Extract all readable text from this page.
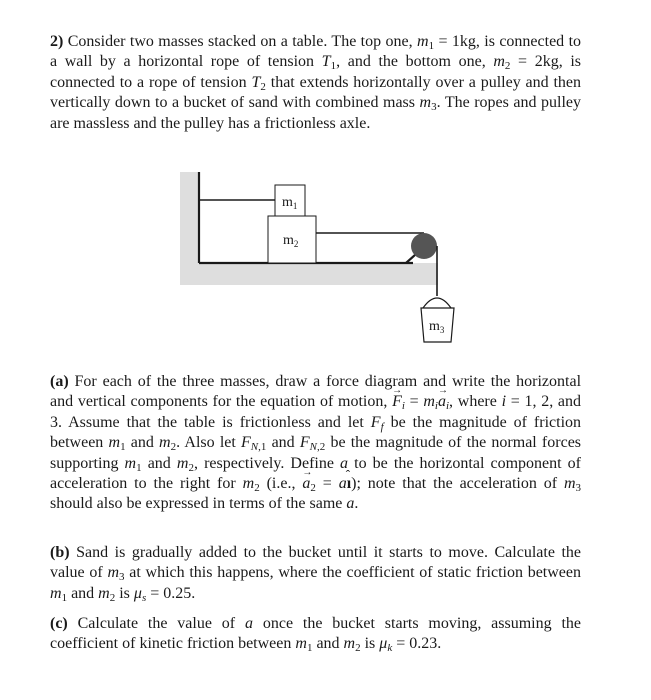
2) Consider two masses stacked on a table. The top one, $m_1 = 1kg$, is connected to a wall by a horizontal rope of tension $T_1$, and the bottom one, $m_2 = 2kg$, is connected to a rope of tension $T_2$ that extends horizontally over a pulley and then vertically down to a bucket of sand with combined mass $m_3$. The ropes and pulley are massless and the pulley has a frictionless axle.
$m_1$
$m_2$
$m_3$
(a) For each of the three masses, draw a force diagram and write the horizontal and vertical components for the equation of motion, → $F_i = m_i\to a_i$, where i = 1, 2, and 3. Assume that the table is frictionless and let $F_f$ be the magnitude of friction between $m_1$ and $m_2$. Also let $F_{N,1}$ and $F_{N,2}$ be the magnitude of the normal forces supporting $m_1$ and $m_2$, respectively. Define a to be the horizontal component of acceleration to the right for $m_2$ (i.e., → $a_2$ = aˆ ı); note that the acceleration of $m_3$ should also be expressed in terms of the same a.
(b) Sand is gradually added to the bucket until it starts to move. Calculate the value of $m_3$ at which this happens, where the coefficient of static friction between $m_1$ and $m_2$ is $\mu_s = 0.25$.
(c) Calculate the value of a once the bucket starts moving, assuming the coefficient of kinetic friction between $m_1$ and $m_2$ is $\mu_k = 0.23$.
